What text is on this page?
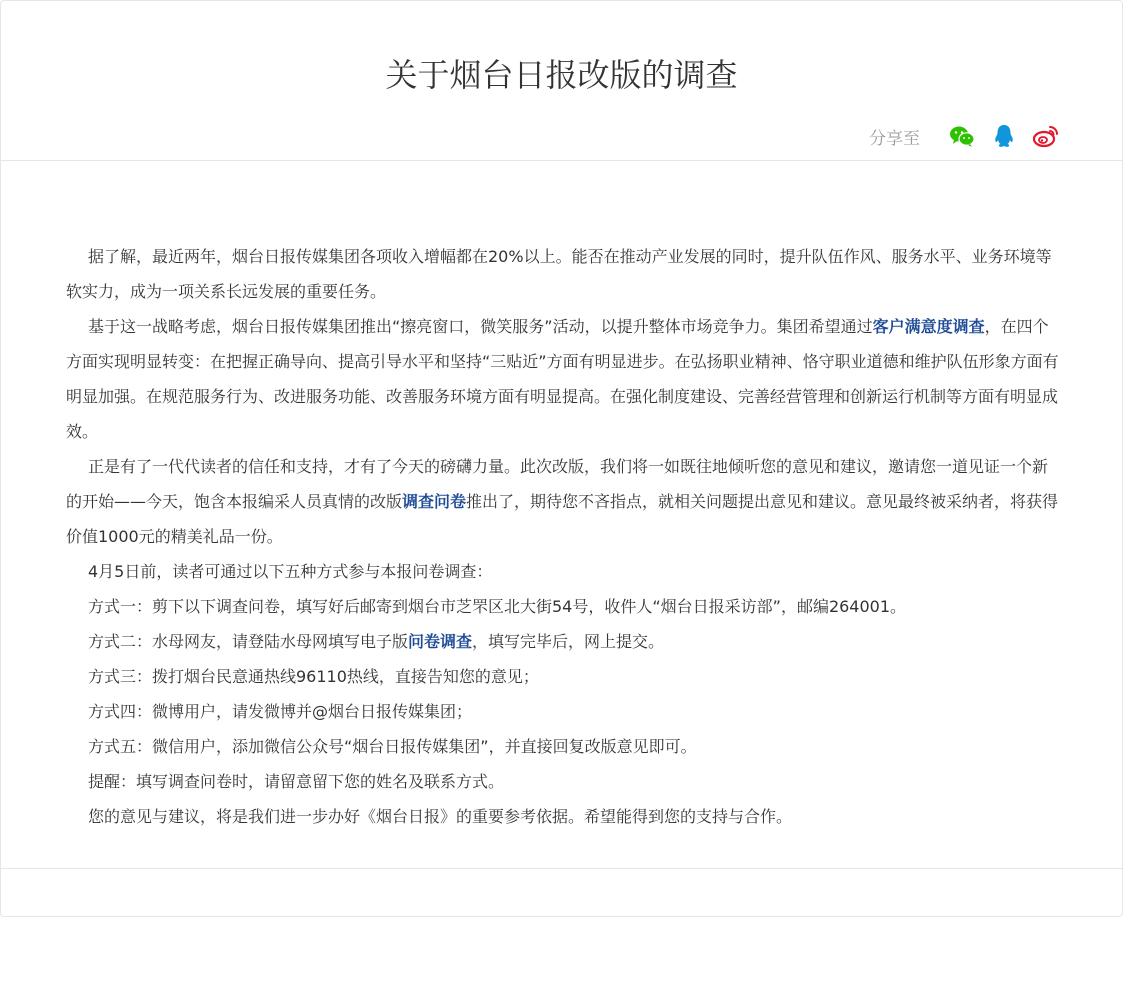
关于烟台日报改版的调查
分享至

据了解，最近两年，烟台日报传媒集团各项收入增幅都在20%以上。能否在推动产业发展的同时，提升队伍作风、服务水平、业务环境等软实力，成为一项关系长远发展的重要任务。

基于这一战略考虑，烟台日报传媒集团推出“擦亮窗口，微笑服务”活动，以提升整体市场竞争力。集团希望通过客户满意度调查，在四个方面实现明显转变：在把握正确导向、提高引导水平和坚持“三贴近”方面有明显进步。在弘扬职业精神、恪守职业道德和维护队伍形象方面有明显加强。在规范服务行为、改进服务功能、改善服务环境方面有明显提高。在强化制度建设、完善经营管理和创新运行机制等方面有明显成效。

正是有了一代代读者的信任和支持，才有了今天的磅礴力量。此次改版，我们将一如既往地倾听您的意见和建议，邀请您一道见证一个新的开始——今天，饱含本报编采人员真情的改版调查问卷推出了，期待您不吝指点，就相关问题提出意见和建议。意见最终被采纳者，将获得价值1000元的精美礼品一份。

4月5日前，读者可通过以下五种方式参与本报问卷调查：

方式一：剪下以下调查问卷，填写好后邮寄到烟台市芝罘区北大街54号，收件人“烟台日报采访部”，邮编264001。

方式二：水母网友，请登陆水母网填写电子版问卷调查，填写完毕后，网上提交。

方式三：拨打烟台民意通热线96110热线，直接告知您的意见；

方式四：微博用户，请发微博并@烟台日报传媒集团；

方式五：微信用户，添加微信公众号“烟台日报传媒集团”，并直接回复改版意见即可。

提醒：填写调查问卷时，请留意留下您的姓名及联系方式。

您的意见与建议，将是我们进一步办好《烟台日报》的重要参考依据。希望能得到您的支持与合作。
